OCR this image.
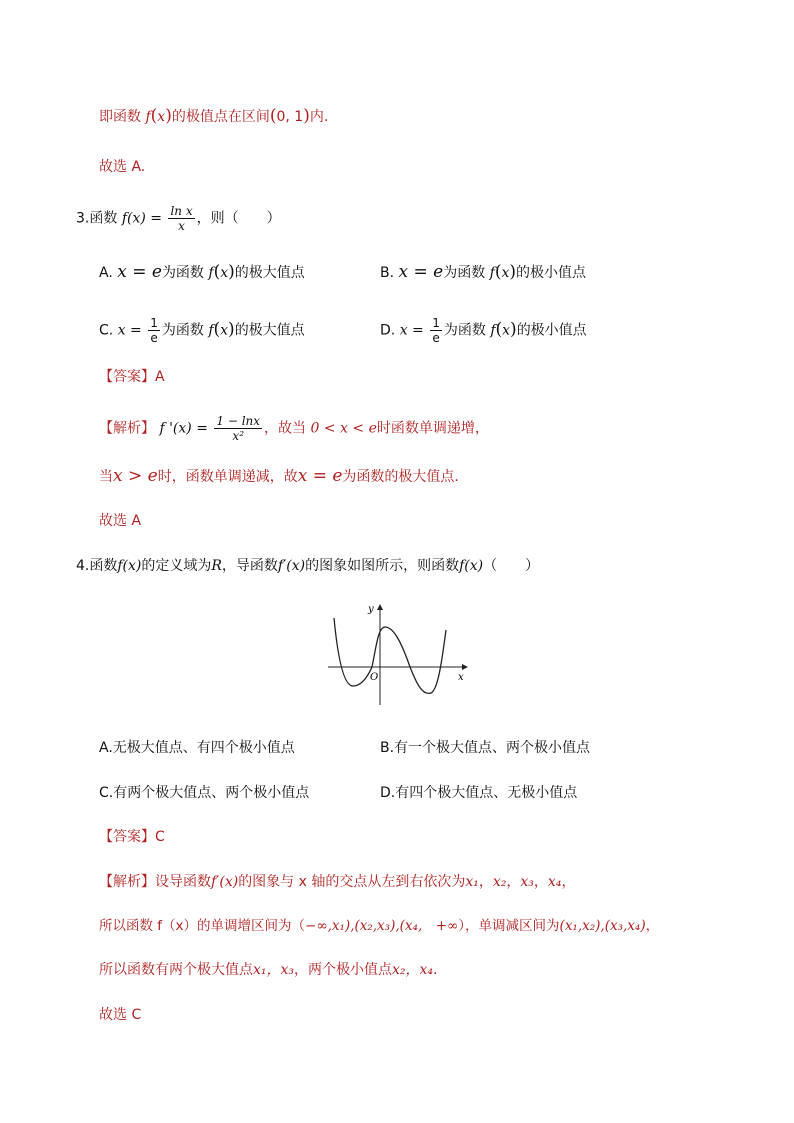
即函数 f(x)的极值点在区间(0, 1)内.
故选 A.
3.函数 $f(x) = \frac{\text{ln x}}{x}$ ，则（　　）
A. x = e为函数 f(x)的极大值点	B. x = e为函数 f(x)的极小值点
C. $x = \frac{1}{e}$ 为函数 f(x)的极大值点	D. $x = \frac{1}{e}$ 为函数 f(x)的极小值点
【答案】A
【解析】 f '$(x) = \frac{1 - \ln x}{\text{x²}}$ ，故当 0 < x < e时函数单调递增，
当x > e时，函数单调递减，故x = e为函数的极大值点.
故选 A
4.函数f(x)的定义域为R，导函数f′(x)的图象如图所示，则函数f(x)（　　）
y
x
O
A.无极大值点、有四个极小值点	B.有一个极大值点、两个极小值点
C.有两个极大值点、两个极小值点	D.有四个极大值点、无极小值点
【答案】C
【解析】设导函数f′(x)的图象与 x 轴的交点从左到右依次为x₁，x₂，x₃，x₄，
所以函数 f（x）的单调增区间为（−∞,x₁),(x₂,x₃),(x₄,　+∞），单调减区间为(x₁,x₂),(x₃,x₄)，
所以函数有两个极大值点x₁，x₃，两个极小值点x₂，x₄.
故选 C
